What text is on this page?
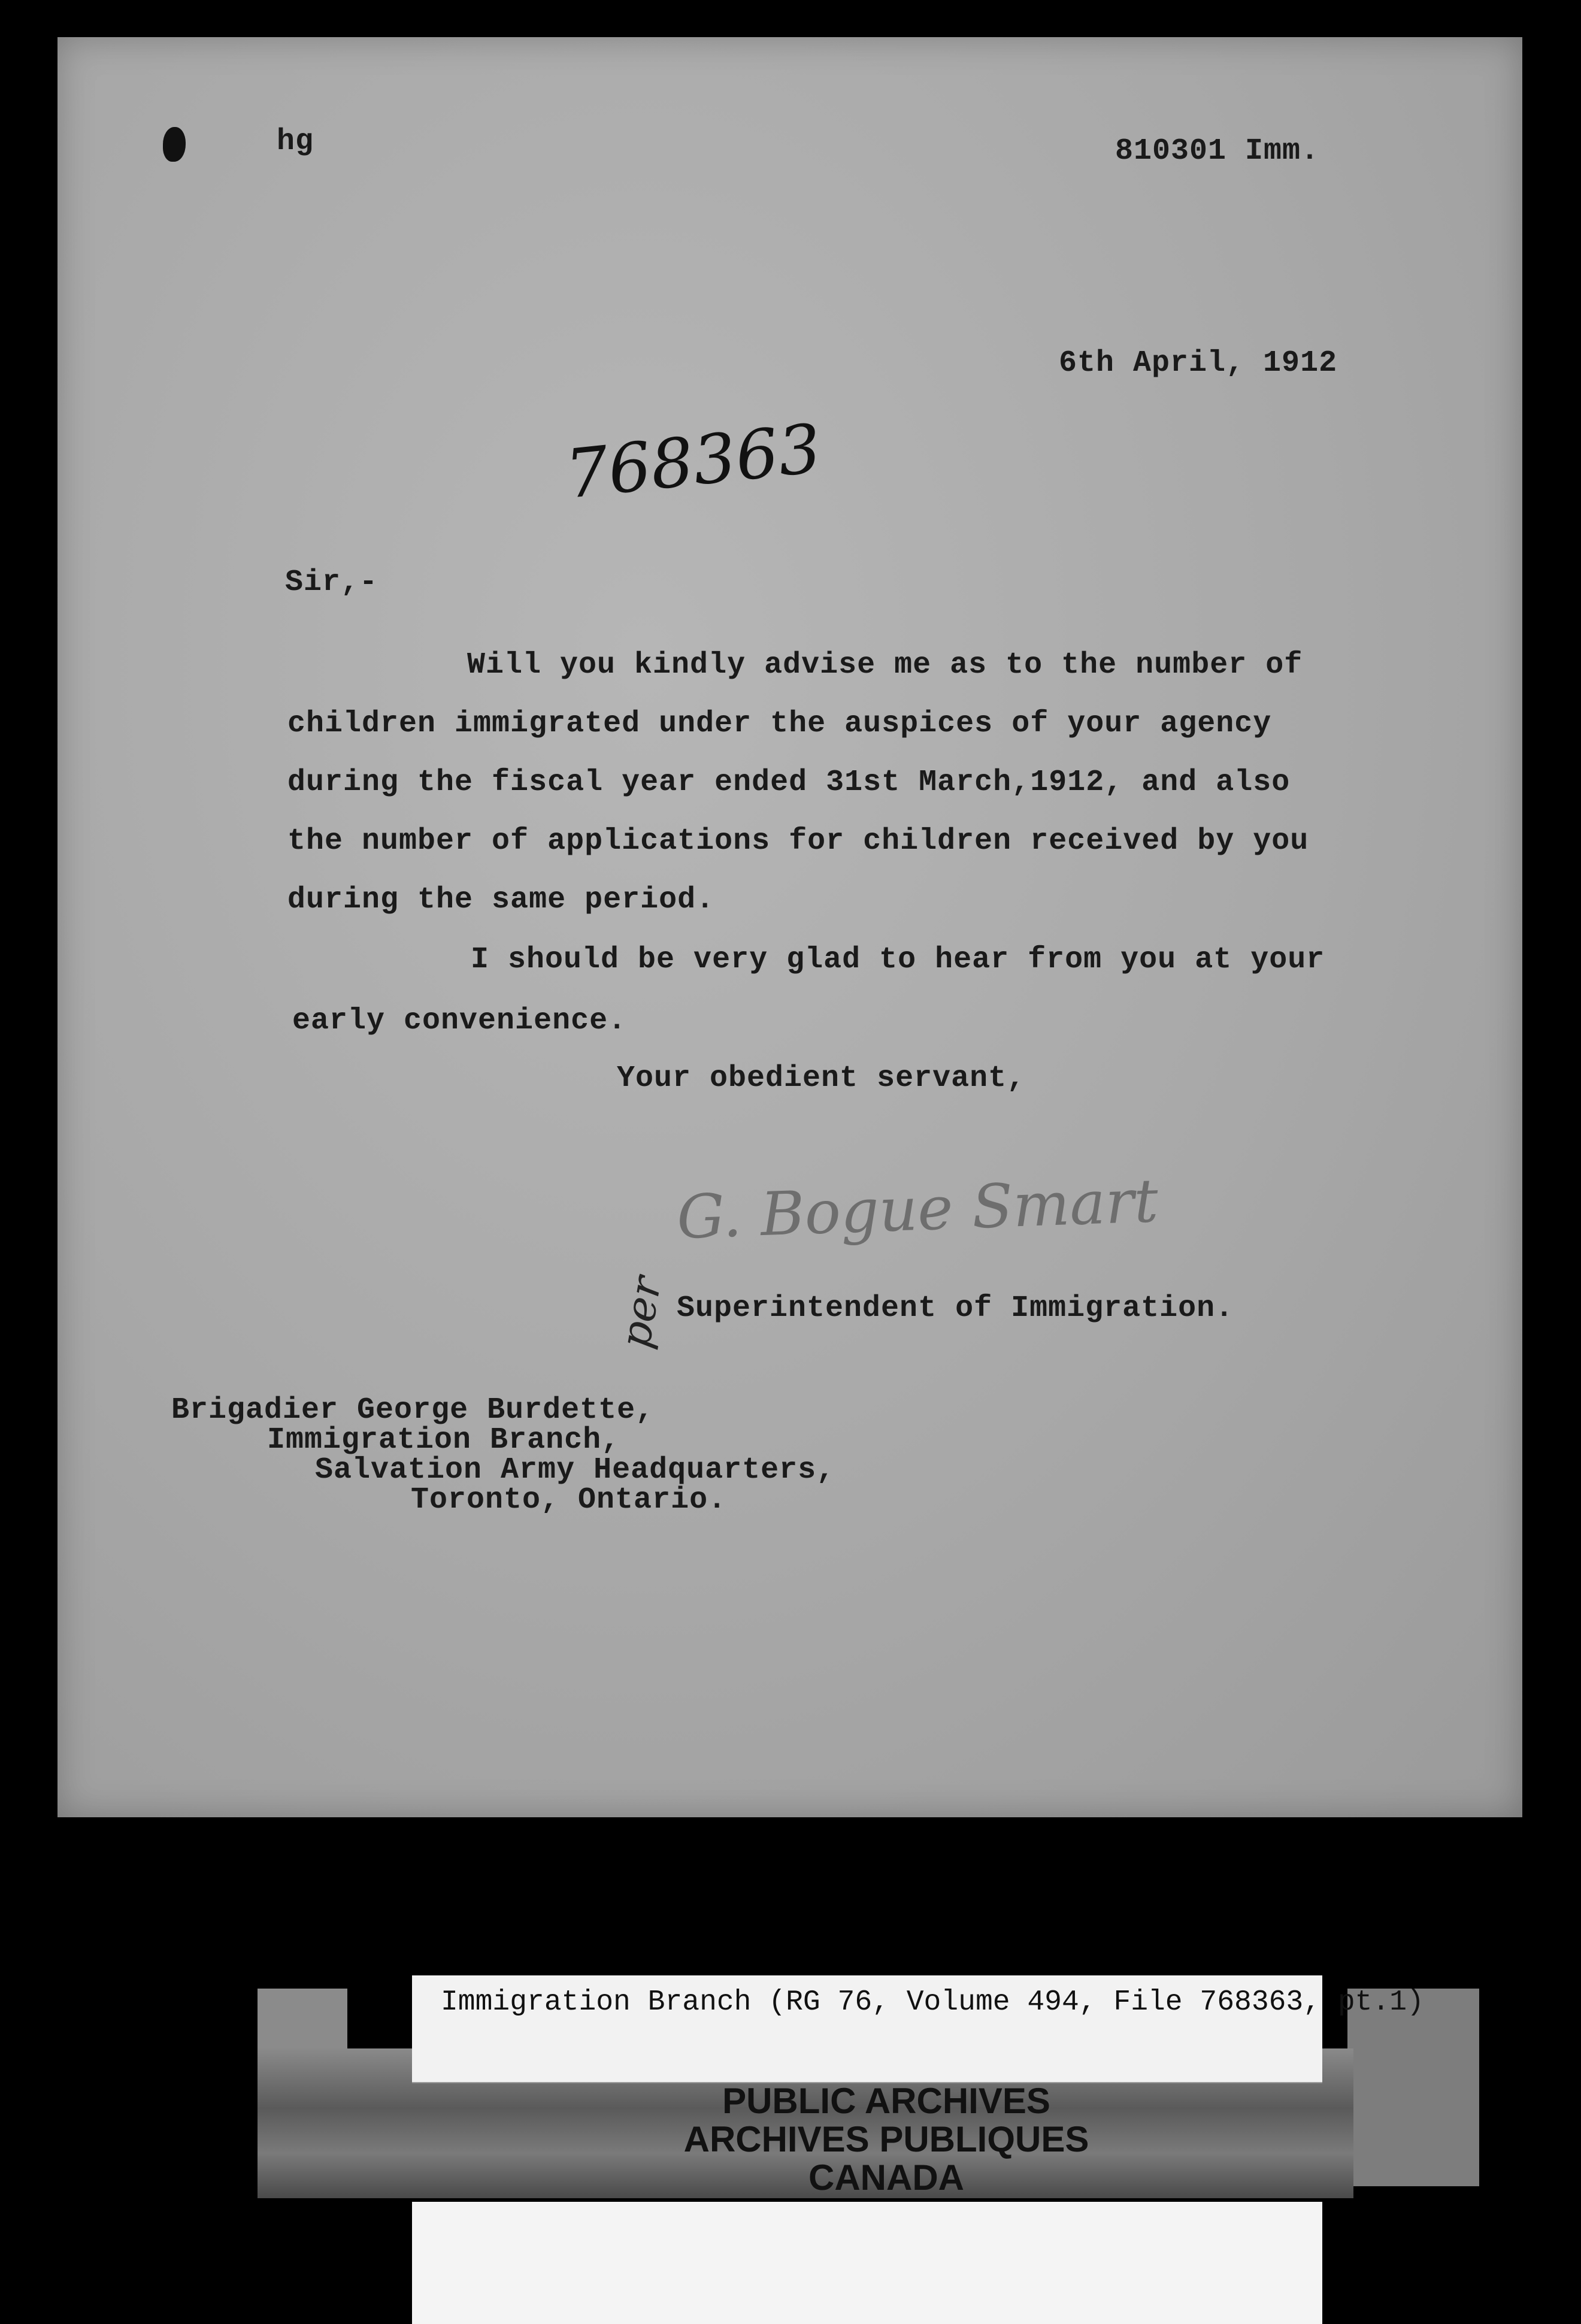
hg	810301 Imm.
6th April, 1912
768363
Sir,-
Will you kindly advise me as to the number of
children immigrated under the auspices of your agency
during the fiscal year ended 31st March,1912, and also
the number of applications for children received by you
during the same period.
I should be very glad to hear from you at your
early convenience.
Your obedient servant,
G. Bogue Smart
per Superintendent of Immigration.
Brigadier George Burdette,
Immigration Branch,
Salvation Army Headquarters,
Toronto, Ontario.
Immigration Branch (RG 76, Volume 494, File 768363, pt.1)
PUBLIC ARCHIVES
ARCHIVES PUBLIQUES
CANADA
